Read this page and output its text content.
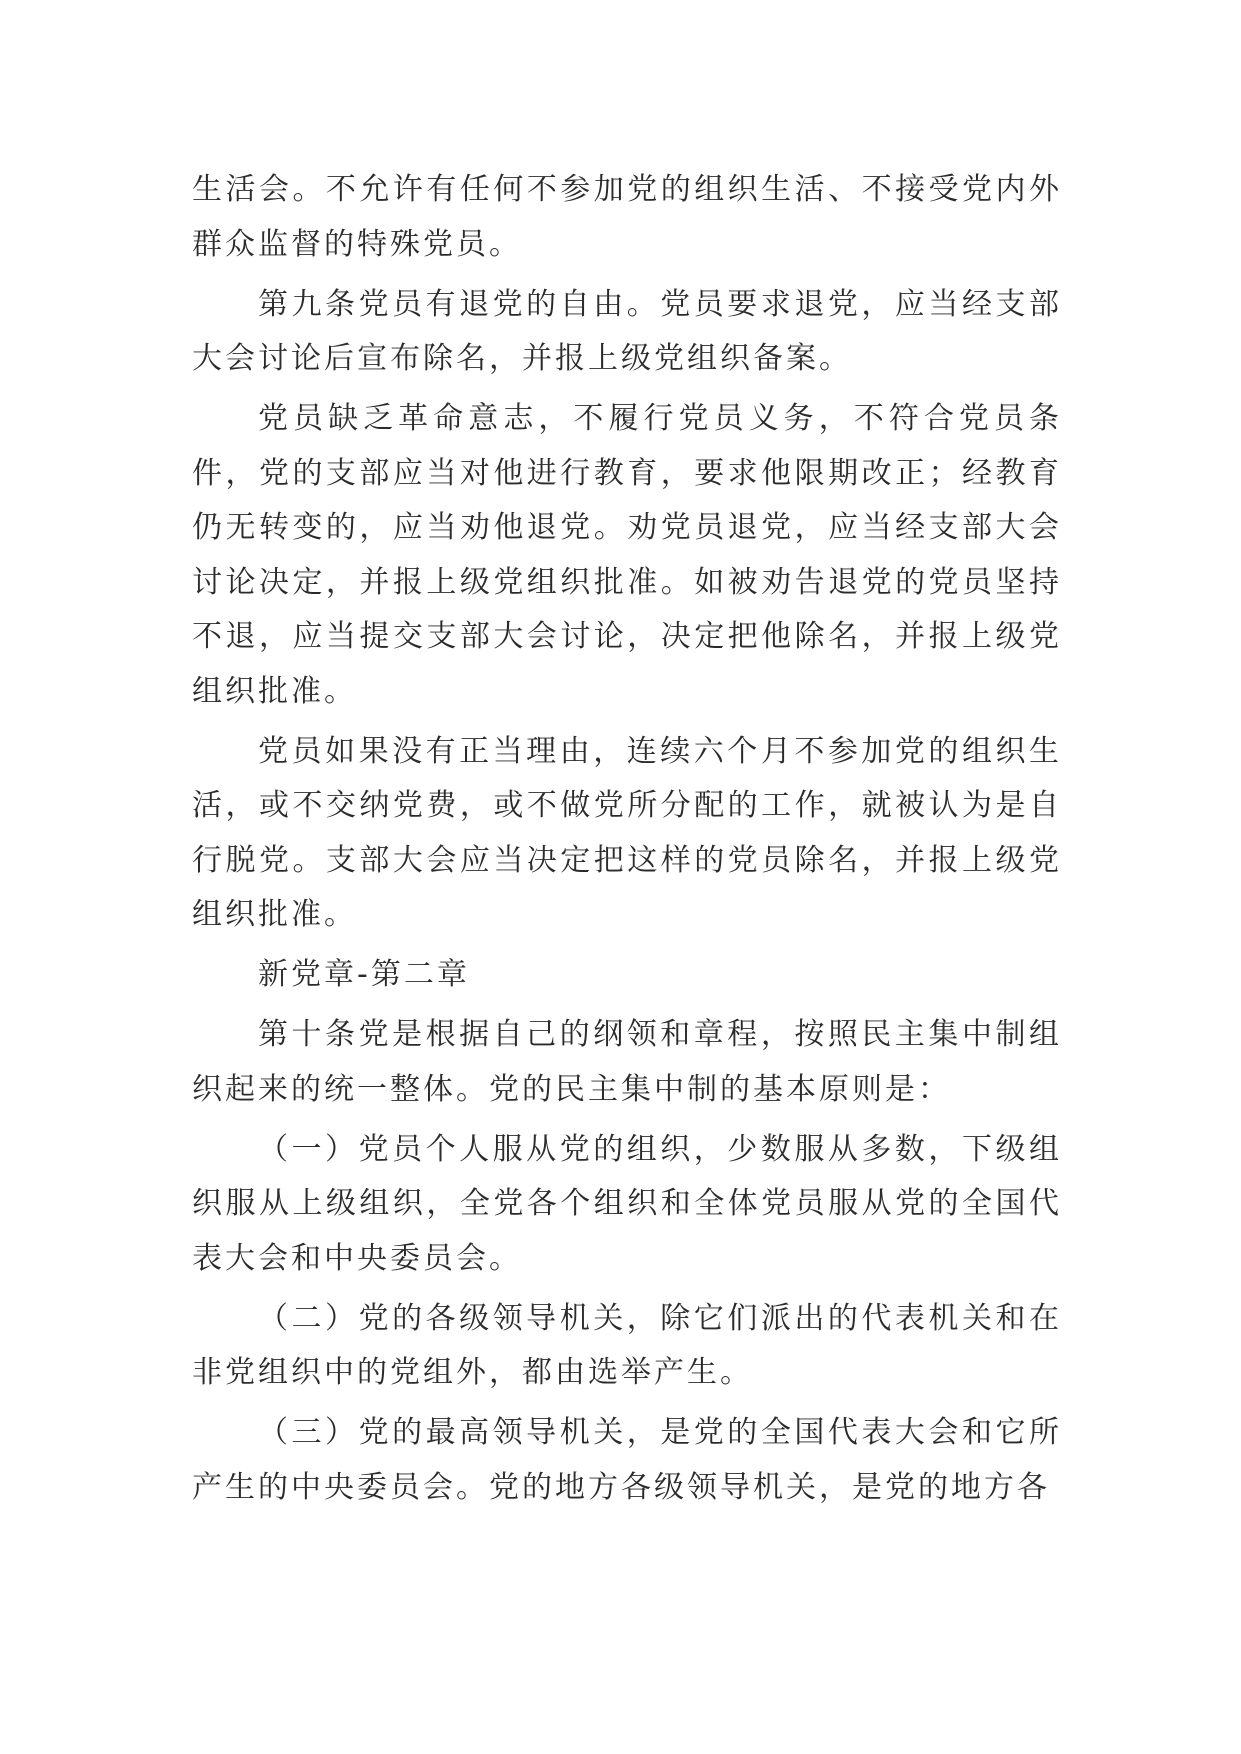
生活会。不允许有任何不参加党的组织生活、不接受党内外群众监督的特殊党员。

第九条党员有退党的自由。党员要求退党，应当经支部大会讨论后宣布除名，并报上级党组织备案。

党员缺乏革命意志，不履行党员义务，不符合党员条件，党的支部应当对他进行教育，要求他限期改正；经教育仍无转变的，应当劝他退党。劝党员退党，应当经支部大会讨论决定，并报上级党组织批准。如被劝告退党的党员坚持不退，应当提交支部大会讨论，决定把他除名，并报上级党组织批准。

党员如果没有正当理由，连续六个月不参加党的组织生活，或不交纳党费，或不做党所分配的工作，就被认为是自行脱党。支部大会应当决定把这样的党员除名，并报上级党组织批准。

新党章-第二章

第十条党是根据自己的纲领和章程，按照民主集中制组织起来的统一整体。党的民主集中制的基本原则是：

（一）党员个人服从党的组织，少数服从多数，下级组织服从上级组织，全党各个组织和全体党员服从党的全国代表大会和中央委员会。

（二）党的各级领导机关，除它们派出的代表机关和在非党组织中的党组外，都由选举产生。

（三）党的最高领导机关，是党的全国代表大会和它所产生的中央委员会。党的地方各级领导机关，是党的地方各
